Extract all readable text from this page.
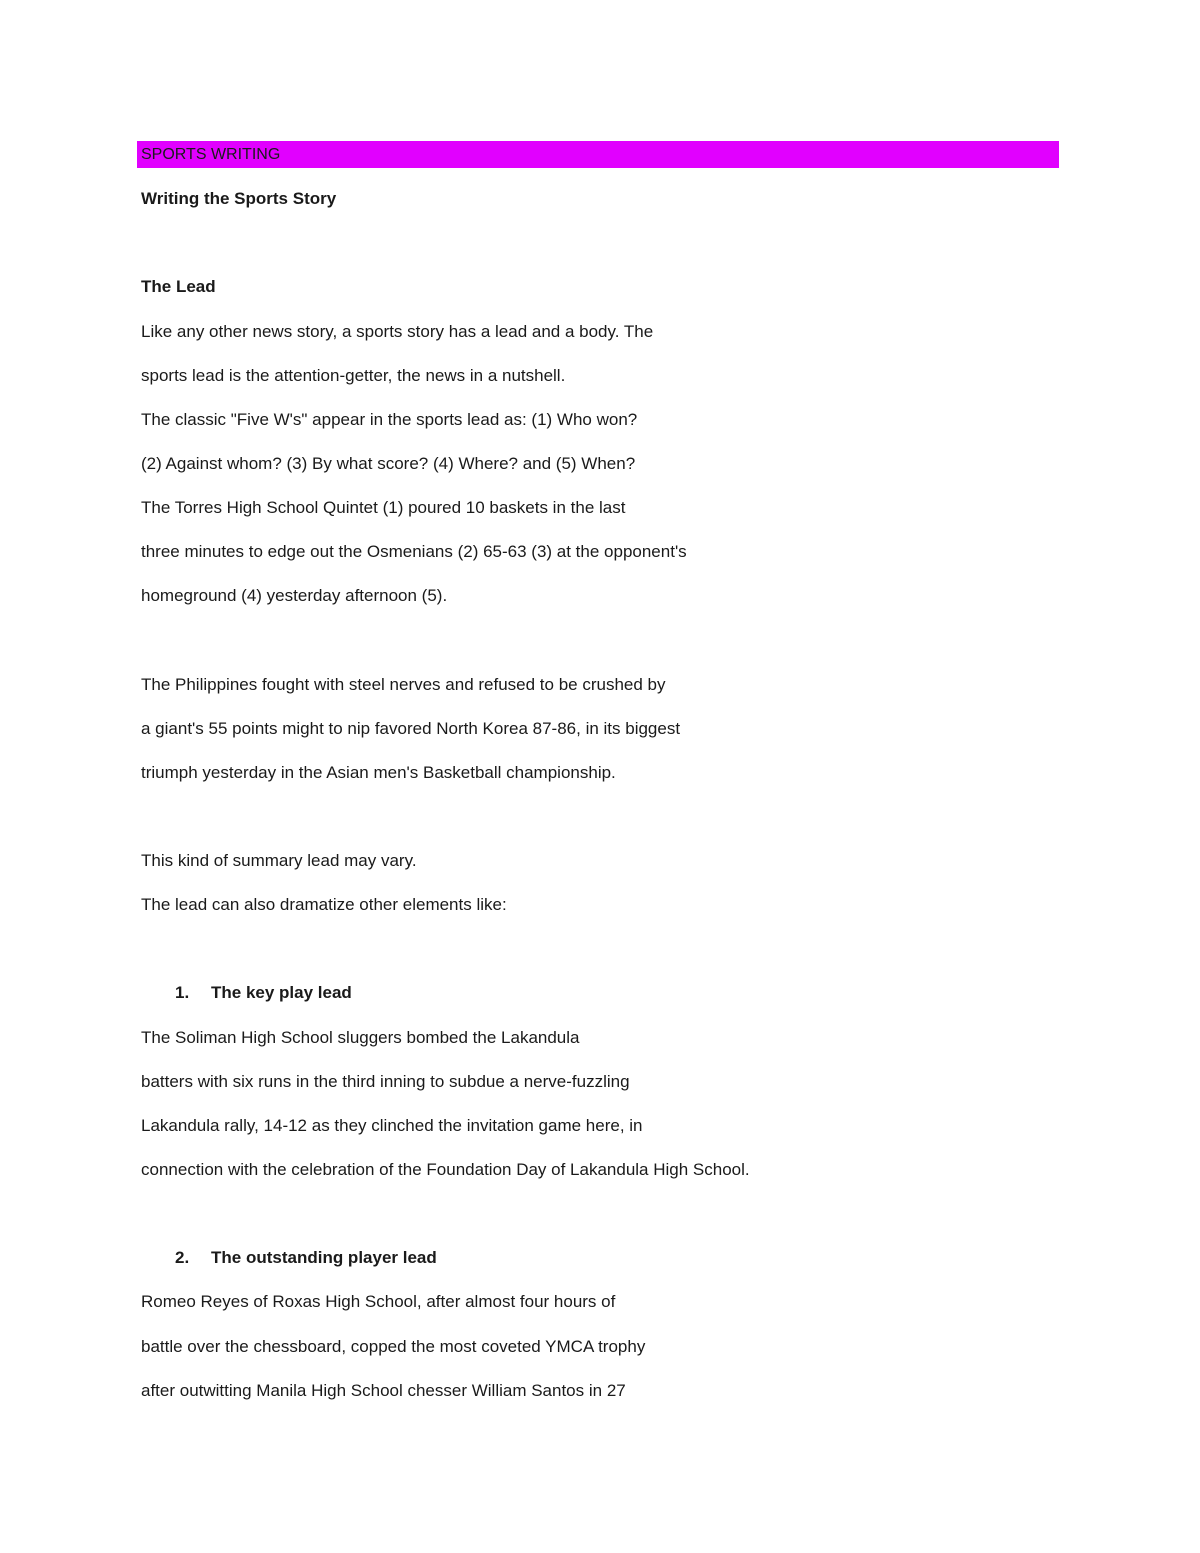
SPORTS WRITING
Writing the Sports Story
The Lead
Like any other news story, a sports story has a lead and a body. The
sports lead is the attention-getter, the news in a nutshell.
The classic "Five W's" appear in the sports lead as: (1) Who won?
(2) Against whom? (3) By what score? (4) Where? and (5) When?
The Torres High School Quintet (1) poured 10 baskets in the last
three minutes to edge out the Osmenians (2) 65-63 (3) at the opponent's
homeground (4) yesterday afternoon (5).
The Philippines fought with steel nerves and refused to be crushed by
a giant's 55 points might to nip favored North Korea 87-86, in its biggest
triumph yesterday in the Asian men's Basketball championship.
This kind of summary lead may vary.
The lead can also dramatize other elements like:
1. The key play lead
The Soliman High School sluggers bombed the Lakandula
batters with six runs in the third inning to subdue a nerve-fuzzling
Lakandula rally, 14-12 as they clinched the invitation game here, in
connection with the celebration of the Foundation Day of Lakandula High School.
2. The outstanding player lead
Romeo Reyes of Roxas High School, after almost four hours of
battle over the chessboard, copped the most coveted YMCA trophy
after outwitting Manila High School chesser William Santos in 27
